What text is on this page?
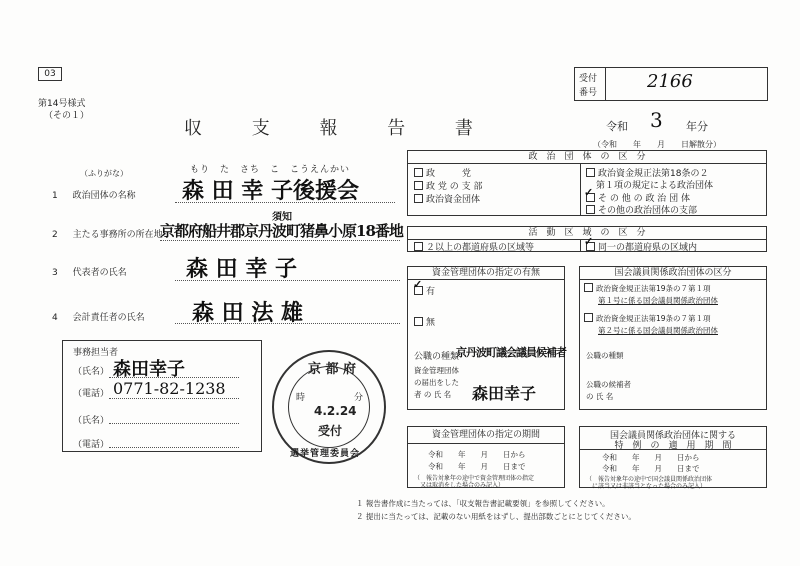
03
第14号様式
（その１）
受付
番号
2166
収 支 報 告 書	令和 3 年分
（令和　　年　　月　　日解散分）
（ふりがな）	もり　た　さち　こ　こうえんかい
1 政治団体の名称 森 田 幸 子後援会
2 主たる事務所の所在地
須知
京都府船井郡京丹波町猪鼻小原18番地
3 代表者の氏名	森 田 幸 子
4 会計責任者の氏名 森 田 法 雄
事務担当者
（氏名） 森田幸子
（電話） 0771-82-1238
（氏名）
（電話）
京 都 府
時	分
4.2.24
受付
選挙管理委員会
政　治　団　体　の　区　分
政　　　党
政 党 の 支 部
政治資金団体
政治資金規正法第18条の２
第１項の規定による政治団体
そ の 他 の 政 治 団 体
✓
その他の政治団体の支部
活　動　区　域　の　区　分
２以上の都道府県の区域等	同一の都道府県の区域内
✓
資金管理団体の指定の有無
有
✓
無
公職の種類
京丹波町議会議員候補者
資金管理団体
の届出をした
者 の 氏 名 森田幸子
国会議員関係政治団体の区分
政治資金規正法第19条の７第１項
第１号に係る国会議員関係政治団体
政治資金規正法第19条の７第１項
第２号に係る国会議員関係政治団体
公職の種類
公職の候補者
の 氏 名
資金管理団体の指定の期間
令和　　年　　月　　日から
令和　　年　　月　　日まで
（　報告対象年の途中で資金管理団体の指定
　又は取消をした場合のみ記入）
国会議員関係政治団体に関する
特　例　の　適　用　期　間
令和　　年　　月　　日から
令和　　年　　月　　日まで
（　報告対象年の途中で国会議員関係政治団体
　に該当又は非該当となった場合のみ記入）
１ 報告書作成に当たっては、「収支報告書記載要領」を参照してください。
２ 提出に当たっては、記載のない用紙をはずし、提出部数ごとにとじてください。
